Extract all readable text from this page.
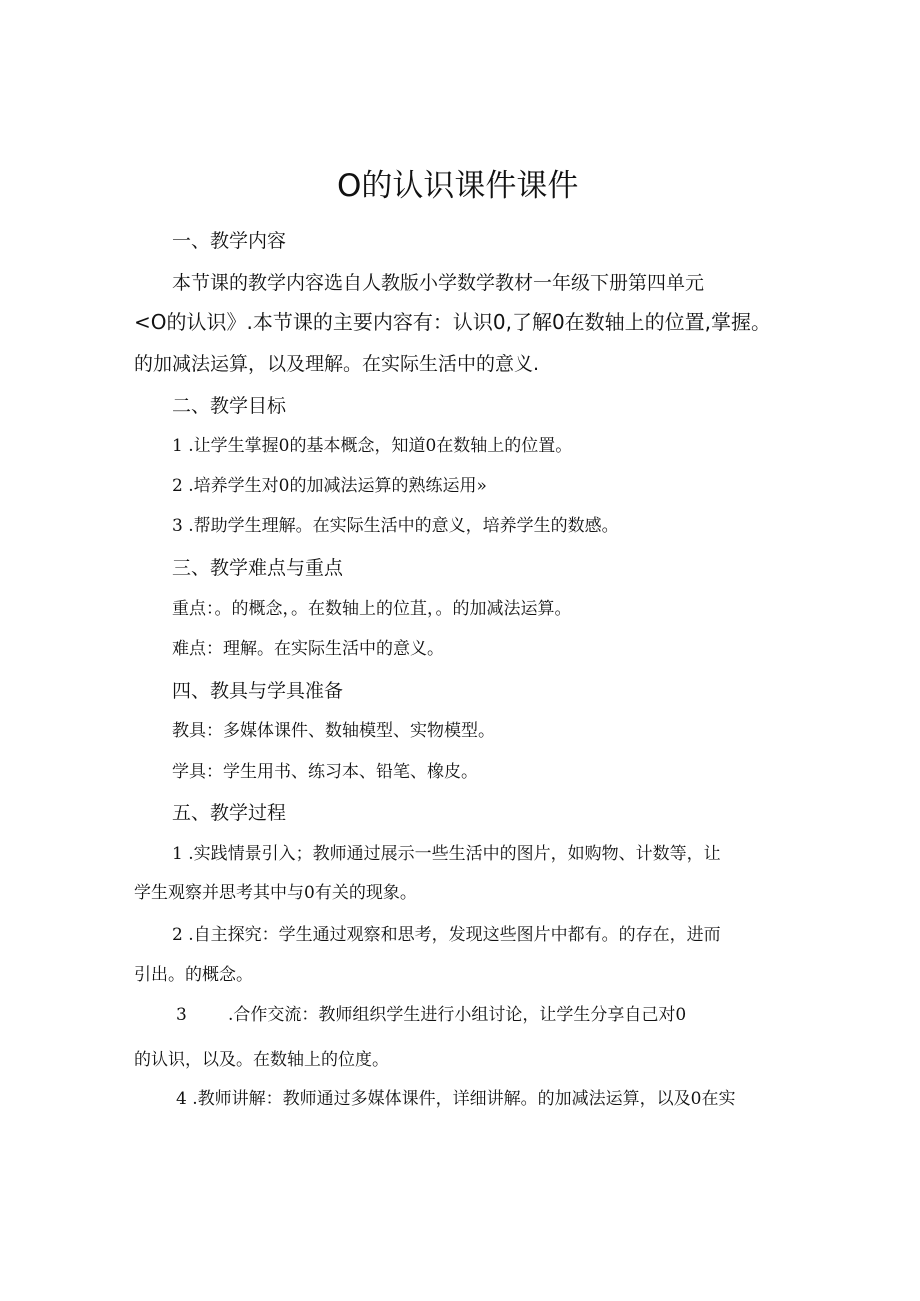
O的认识课件课件
一、教学内容
本节课的教学内容选自人教版小学数学教材一年级下册第四单元
<O的认识》.本节课的主要内容有：认识0,了解0在数轴上的位置,掌握。
的加减法运算，以及理解。在实际生活中的意义.
二、教学目标
1 .让学生掌握0的基本概念，知道0在数轴上的位置。
2 .培养学生对0的加减法运算的熟练运用»
3 .帮助学生理解。在实际生活中的意义，培养学生的数感。
三、教学难点与重点
重点：。的概念，。在数轴上的位苴，。的加减法运算。
难点：理解。在实际生活中的意义。
四、教具与学具准备
教具：多媒体课件、数轴模型、实物模型。
学具：学生用书、练习本、铅笔、橡皮。
五、教学过程
1 .实践情景引入；教师通过展示一些生活中的图片，如购物、计数等，让
学生观察并思考其中与0有关的现象。
2 .自主探究：学生通过观察和思考，发现这些图片中都有。的存在，进而
引出。的概念。
3 .合作交流：教师组织学生进行小组讨论，让学生分享自己对0
的认识，以及。在数轴上的位度。
4 .教师讲解：教师通过多媒体课件，详细讲解。的加减法运算，以及0在实
